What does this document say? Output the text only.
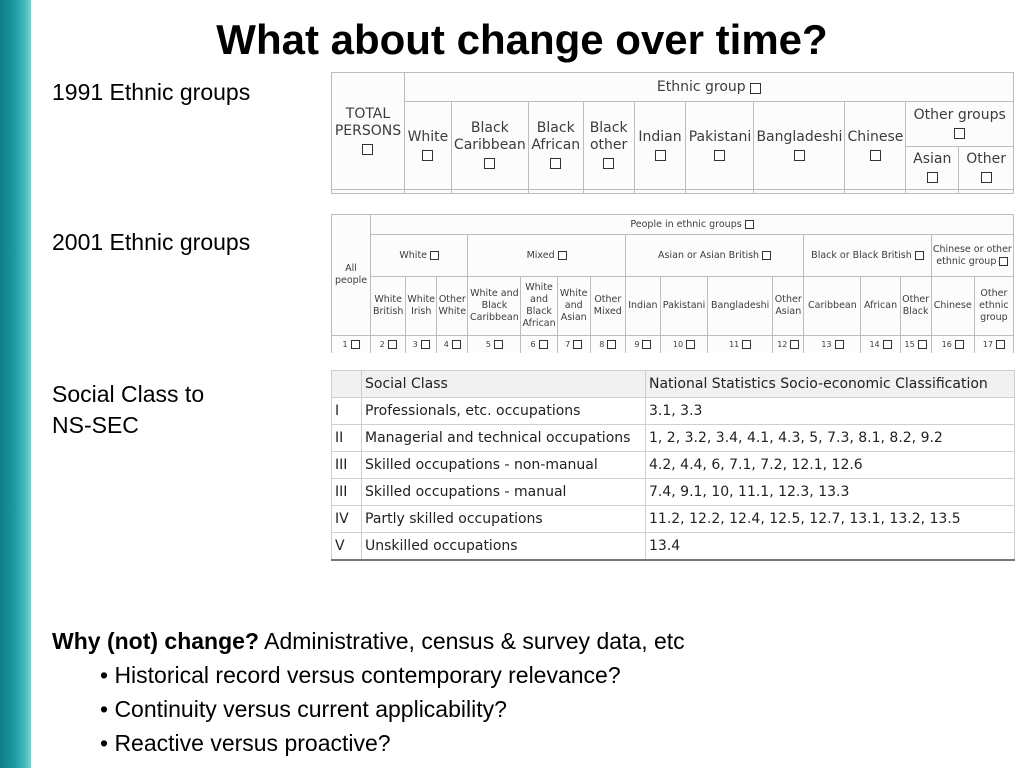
What about change over time?
1991 Ethnic groups
2001 Ethnic groups
Social Class to
NS-SEC
TOTAL PERSONS	Ethnic group									
	White	Black Caribbean	Black African	Black other	Indian	Pakistani	Bangladeshi	Chinese	Other groups	

									Asian	Other

All people	People in ethnic groups															
	White			Mixed				Asian or Asian British				Black or Black British			Chinese or other ethnic group	
	White British	White Irish	Other White	White and Black Caribbean	White and Black African	White and Asian	Other Mixed	Indian	Pakistani	Bangladeshi	Other Asian	Caribbean	African	Other Black	Chinese	Other ethnic group
1	2	3	4	5	6	7	8	9	10	11	12	13	14	15	16	17
	Social Class	National Statistics Socio-economic Classification
I	Professionals, etc. occupations	3.1, 3.3
II	Managerial and technical occupations	1, 2, 3.2, 3.4, 4.1, 4.3, 5, 7.3, 8.1, 8.2, 9.2
III	Skilled occupations - non-manual	4.2, 4.4, 6, 7.1, 7.2, 12.1, 12.6
III	Skilled occupations - manual	7.4, 9.1, 10, 11.1, 12.3, 13.3
IV	Partly skilled occupations	11.2, 12.2, 12.4, 12.5, 12.7, 13.1, 13.2, 13.5
V	Unskilled occupations	13.4
Why (not) change? Administrative, census & survey data, etc
• Historical record versus contemporary relevance?
• Continuity versus current applicability?
• Reactive versus proactive?
